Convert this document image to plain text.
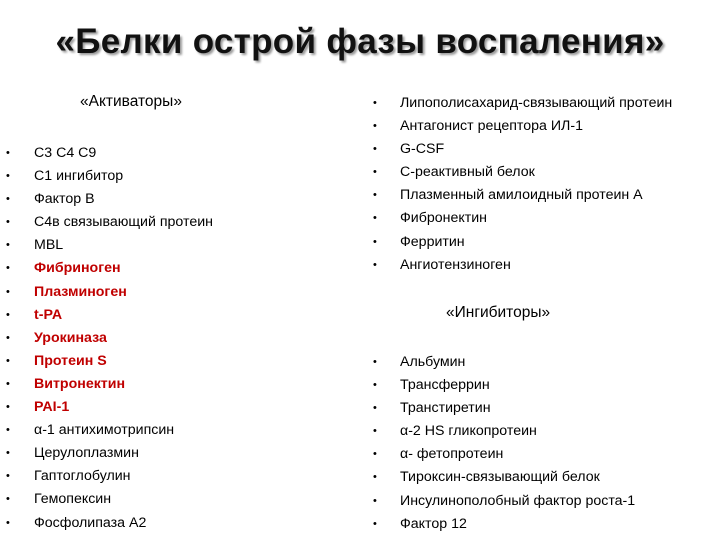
«Белки острой фазы воспаления»
«Активаторы»
• С3 С4 С9
• С1 ингибитор
• Фактор В
• С4в связывающий протеин
• MBL
• Фибриноген
• Плазминоген
• t-PA
• Урокиназа
• Протеин S
• Витронектин
• PAI-1
• α-1 антихимотрипсин
• Церулоплазмин
• Гаптоглобулин
• Гемопексин
• Фосфолипаза А2
• Липополисахарид-связывающий протеин
• Антагонист рецептора ИЛ-1
• G-CSF
• С-реактивный белок
• Плазменный амилоидный протеин А
• Фибронектин
• Ферритин
• Ангиотензиноген
«Ингибиторы»
• Альбумин
• Трансферрин
• Транстиретин
• α-2 HS гликопротеин
• α- фетопротеин
• Тироксин-связывающий белок
• Инсулинополобный фактор роста-1
• Фактор 12
